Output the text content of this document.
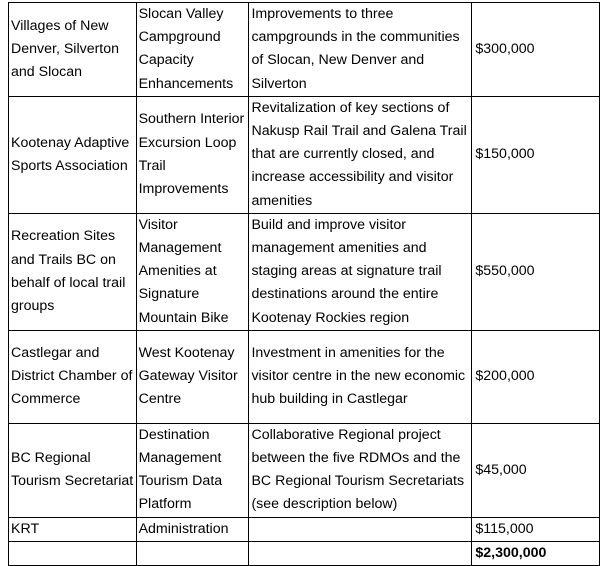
Villages of New Denver, Silverton and Slocan	Slocan Valley Campground Capacity Enhancements	Improvements to three campgrounds in the communities of Slocan, New Denver and Silverton	$300,000
Kootenay Adaptive Sports Association	Southern Interior Excursion Loop Trail Improvements	Revitalization of key sections of Nakusp Rail Trail and Galena Trail that are currently closed, and increase accessibility and visitor amenities	$150,000
Recreation Sites and Trails BC on behalf of local trail groups	Visitor Management Amenities at Signature Mountain Bike	Build and improve visitor management amenities and staging areas at signature trail destinations around the entire Kootenay Rockies region	$550,000
Castlegar and District Chamber of Commerce	West Kootenay Gateway Visitor Centre	Investment in amenities for the visitor centre in the new economic hub building in Castlegar	$200,000
BC Regional Tourism Secretariat	Destination Management Tourism Data Platform	Collaborative Regional project between the five RDMOs and the BC Regional Tourism Secretariats (see description below)	$45,000
KRT	Administration		$115,000
			$2,300,000
